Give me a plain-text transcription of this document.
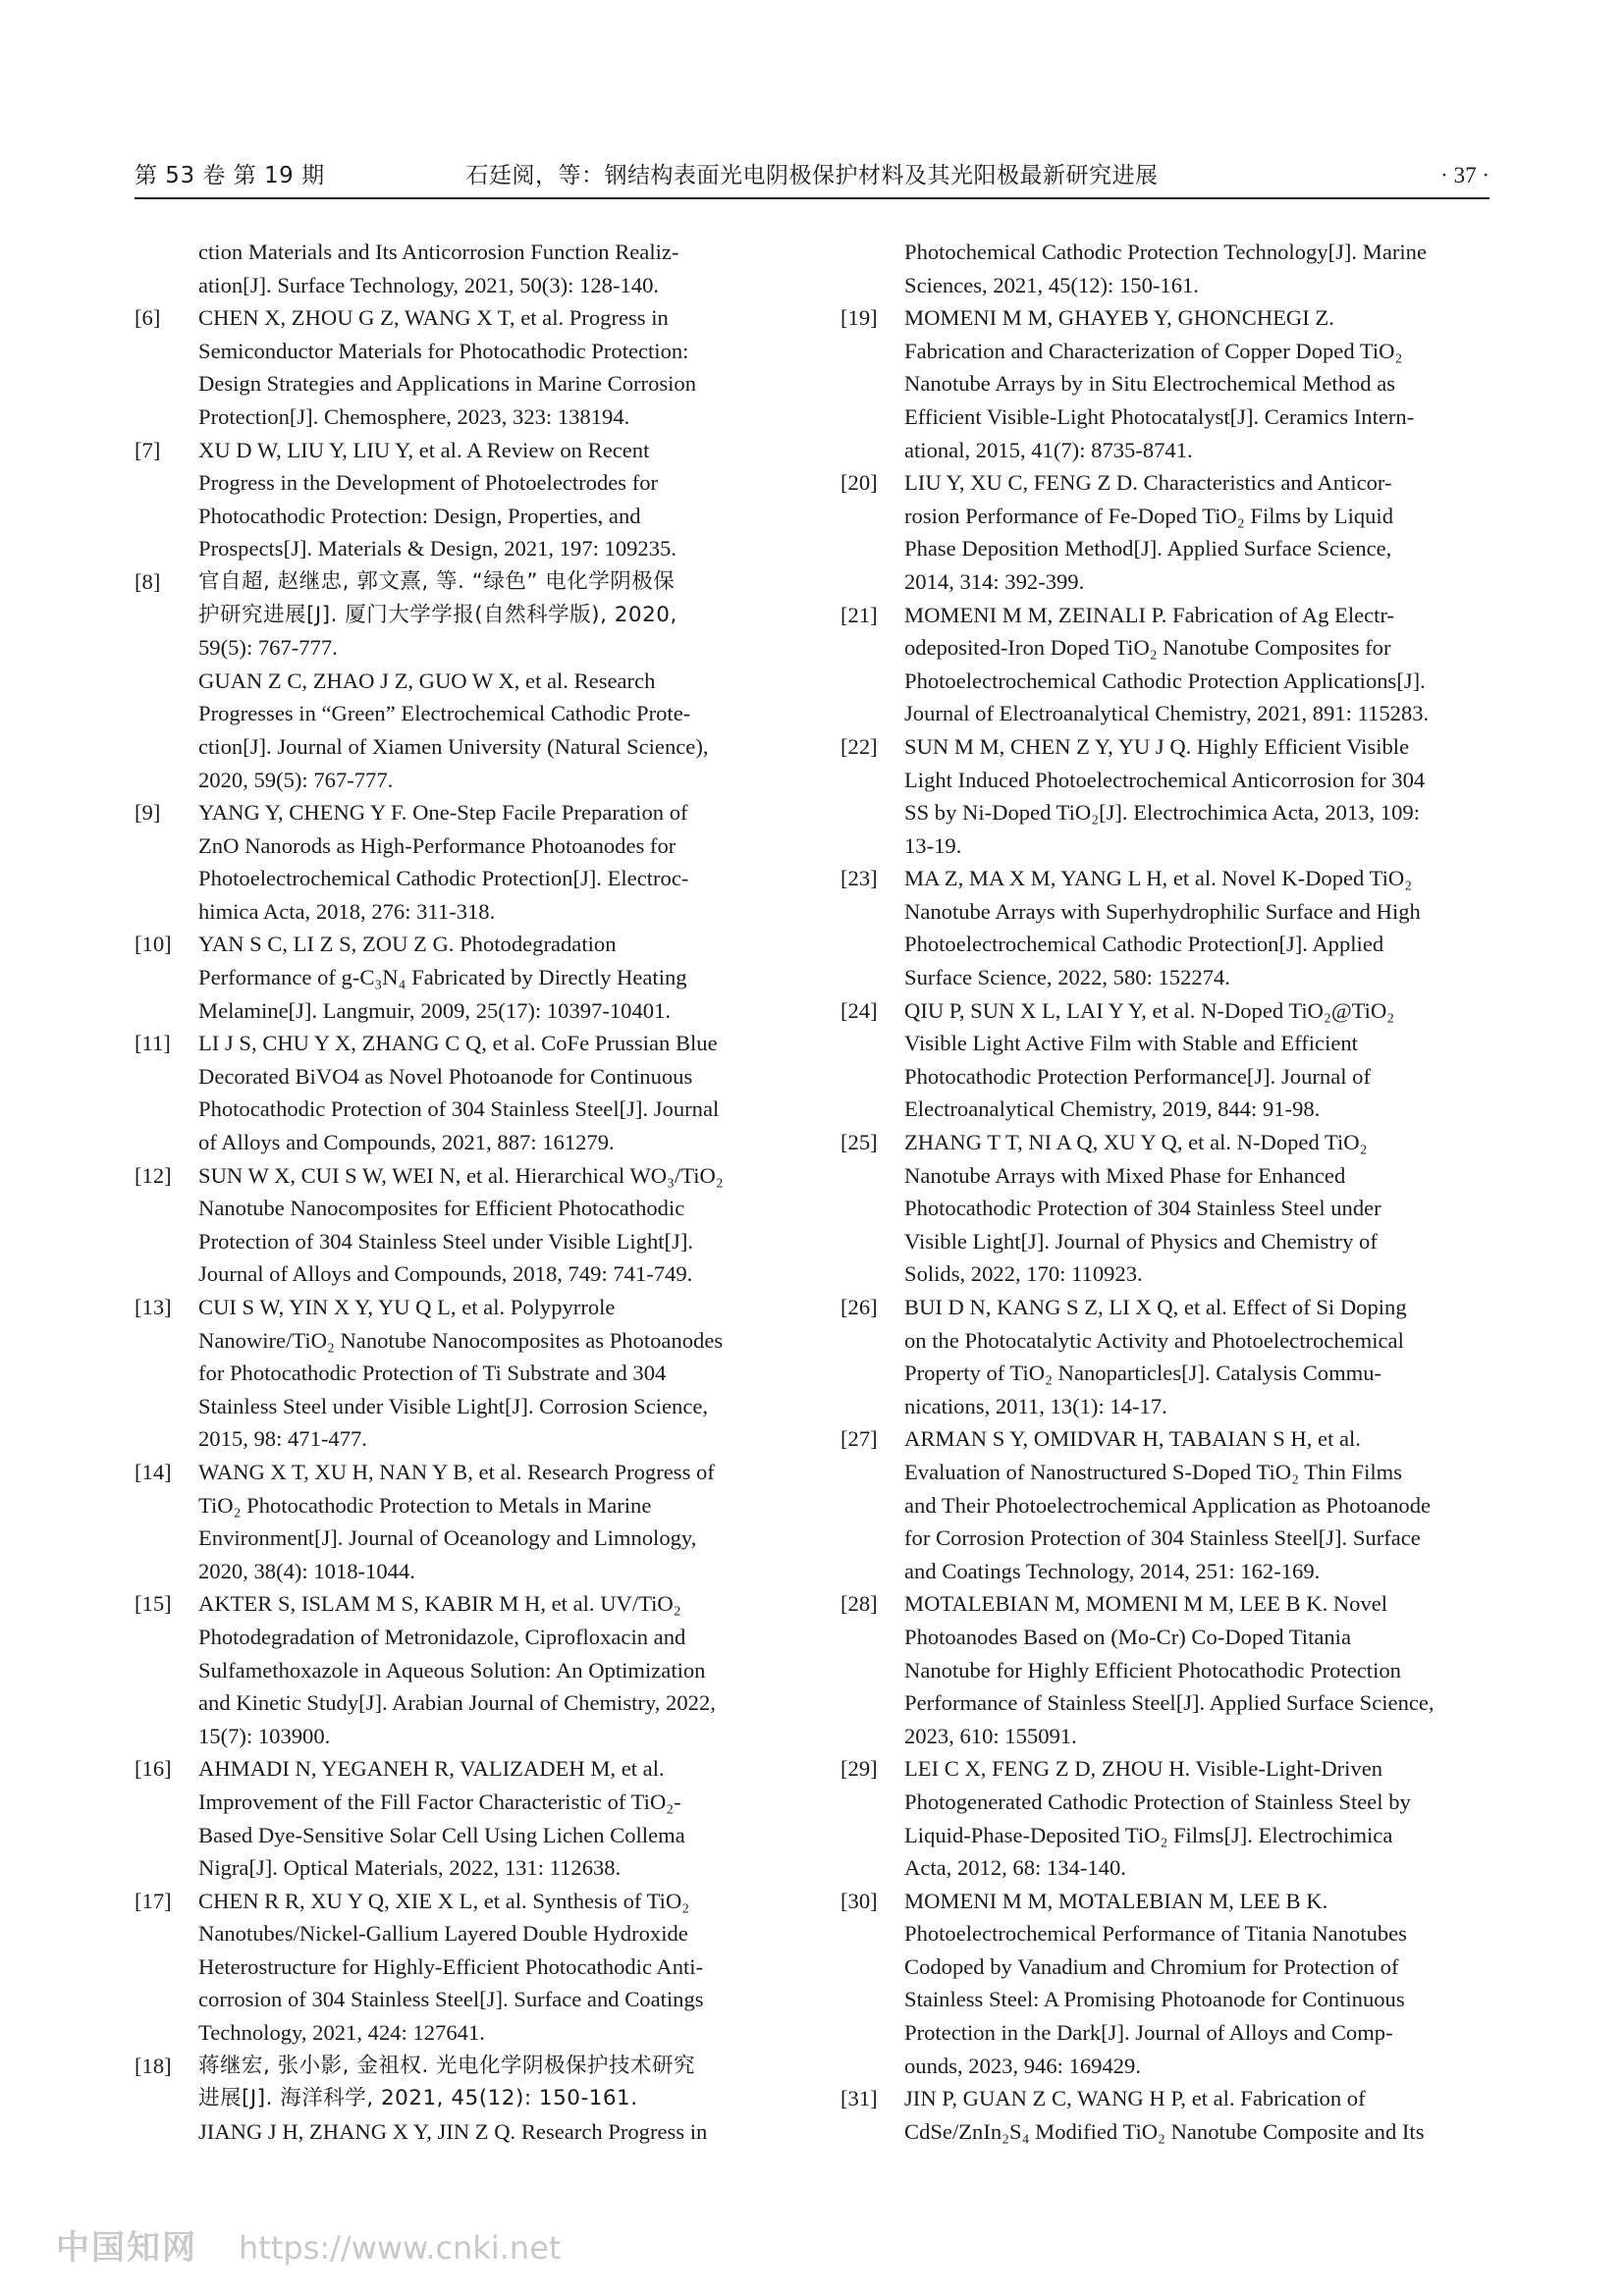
第 53 卷 第 19 期	石廷阅，等：钢结构表面光电阴极保护材料及其光阳极最新研究进展	· 37 ·
ction Materials and Its Anticorrosion Function Realiz-
ation[J]. Surface Technology, 2021, 50(3): 128-140.
[6] CHEN X, ZHOU G Z, WANG X T, et al. Progress in
Semiconductor Materials for Photocathodic Protection:
Design Strategies and Applications in Marine Corrosion
Protection[J]. Chemosphere, 2023, 323: 138194.
[7] XU D W, LIU Y, LIU Y, et al. A Review on Recent
Progress in the Development of Photoelectrodes for
Photocathodic Protection: Design, Properties, and
Prospects[J]. Materials & Design, 2021, 197: 109235.
[8] 官自超, 赵继忠, 郭文熹, 等. “绿色” 电化学阴极保
护研究进展[J]. 厦门大学学报(自然科学版), 2020,
59(5): 767-777.
GUAN Z C, ZHAO J Z, GUO W X, et al. Research
Progresses in “Green” Electrochemical Cathodic Prote-
ction[J]. Journal of Xiamen University (Natural Science),
2020, 59(5): 767-777.
[9] YANG Y, CHENG Y F. One-Step Facile Preparation of
ZnO Nanorods as High-Performance Photoanodes for
Photoelectrochemical Cathodic Protection[J]. Electroc-
himica Acta, 2018, 276: 311-318.
[10] YAN S C, LI Z S, ZOU Z G. Photodegradation
Performance of g-C₃N₄ Fabricated by Directly Heating
Melamine[J]. Langmuir, 2009, 25(17): 10397-10401.
[11] LI J S, CHU Y X, ZHANG C Q, et al. CoFe Prussian Blue
Decorated BiVO4 as Novel Photoanode for Continuous
Photocathodic Protection of 304 Stainless Steel[J]. Journal
of Alloys and Compounds, 2021, 887: 161279.
[12] SUN W X, CUI S W, WEI N, et al. Hierarchical WO₃/TiO₂
Nanotube Nanocomposites for Efficient Photocathodic
Protection of 304 Stainless Steel under Visible Light[J].
Journal of Alloys and Compounds, 2018, 749: 741-749.
[13] CUI S W, YIN X Y, YU Q L, et al. Polypyrrole
Nanowire/TiO₂ Nanotube Nanocomposites as Photoanodes
for Photocathodic Protection of Ti Substrate and 304
Stainless Steel under Visible Light[J]. Corrosion Science,
2015, 98: 471-477.
[14] WANG X T, XU H, NAN Y B, et al. Research Progress of
TiO₂ Photocathodic Protection to Metals in Marine
Environment[J]. Journal of Oceanology and Limnology,
2020, 38(4): 1018-1044.
[15] AKTER S, ISLAM M S, KABIR M H, et al. UV/TiO₂
Photodegradation of Metronidazole, Ciprofloxacin and
Sulfamethoxazole in Aqueous Solution: An Optimization
and Kinetic Study[J]. Arabian Journal of Chemistry, 2022,
15(7): 103900.
[16] AHMADI N, YEGANEH R, VALIZADEH M, et al.
Improvement of the Fill Factor Characteristic of TiO₂-
Based Dye-Sensitive Solar Cell Using Lichen Collema
Nigra[J]. Optical Materials, 2022, 131: 112638.
[17] CHEN R R, XU Y Q, XIE X L, et al. Synthesis of TiO₂
Nanotubes/Nickel-Gallium Layered Double Hydroxide
Heterostructure for Highly-Efficient Photocathodic Anti-
corrosion of 304 Stainless Steel[J]. Surface and Coatings
Technology, 2021, 424: 127641.
[18] 蒋继宏, 张小影, 金祖权. 光电化学阴极保护技术研究
进展[J]. 海洋科学, 2021, 45(12): 150-161.
JIANG J H, ZHANG X Y, JIN Z Q. Research Progress in
Photochemical Cathodic Protection Technology[J]. Marine
Sciences, 2021, 45(12): 150-161.
[19] MOMENI M M, GHAYEB Y, GHONCHEGI Z.
Fabrication and Characterization of Copper Doped TiO₂
Nanotube Arrays by in Situ Electrochemical Method as
Efficient Visible-Light Photocatalyst[J]. Ceramics Intern-
ational, 2015, 41(7): 8735-8741.
[20] LIU Y, XU C, FENG Z D. Characteristics and Anticor-
rosion Performance of Fe-Doped TiO₂ Films by Liquid
Phase Deposition Method[J]. Applied Surface Science,
2014, 314: 392-399.
[21] MOMENI M M, ZEINALI P. Fabrication of Ag Electr-
odeposited-Iron Doped TiO₂ Nanotube Composites for
Photoelectrochemical Cathodic Protection Applications[J].
Journal of Electroanalytical Chemistry, 2021, 891: 115283.
[22] SUN M M, CHEN Z Y, YU J Q. Highly Efficient Visible
Light Induced Photoelectrochemical Anticorrosion for 304
SS by Ni-Doped TiO₂[J]. Electrochimica Acta, 2013, 109:
13-19.
[23] MA Z, MA X M, YANG L H, et al. Novel K-Doped TiO₂
Nanotube Arrays with Superhydrophilic Surface and High
Photoelectrochemical Cathodic Protection[J]. Applied
Surface Science, 2022, 580: 152274.
[24] QIU P, SUN X L, LAI Y Y, et al. N-Doped TiO₂@TiO₂
Visible Light Active Film with Stable and Efficient
Photocathodic Protection Performance[J]. Journal of
Electroanalytical Chemistry, 2019, 844: 91-98.
[25] ZHANG T T, NI A Q, XU Y Q, et al. N-Doped TiO₂
Nanotube Arrays with Mixed Phase for Enhanced
Photocathodic Protection of 304 Stainless Steel under
Visible Light[J]. Journal of Physics and Chemistry of
Solids, 2022, 170: 110923.
[26] BUI D N, KANG S Z, LI X Q, et al. Effect of Si Doping
on the Photocatalytic Activity and Photoelectrochemical
Property of TiO₂ Nanoparticles[J]. Catalysis Commu-
nications, 2011, 13(1): 14-17.
[27] ARMAN S Y, OMIDVAR H, TABAIAN S H, et al.
Evaluation of Nanostructured S-Doped TiO₂ Thin Films
and Their Photoelectrochemical Application as Photoanode
for Corrosion Protection of 304 Stainless Steel[J]. Surface
and Coatings Technology, 2014, 251: 162-169.
[28] MOTALEBIAN M, MOMENI M M, LEE B K. Novel
Photoanodes Based on (Mo-Cr) Co-Doped Titania
Nanotube for Highly Efficient Photocathodic Protection
Performance of Stainless Steel[J]. Applied Surface Science,
2023, 610: 155091.
[29] LEI C X, FENG Z D, ZHOU H. Visible-Light-Driven
Photogenerated Cathodic Protection of Stainless Steel by
Liquid-Phase-Deposited TiO₂ Films[J]. Electrochimica
Acta, 2012, 68: 134-140.
[30] MOMENI M M, MOTALEBIAN M, LEE B K.
Photoelectrochemical Performance of Titania Nanotubes
Codoped by Vanadium and Chromium for Protection of
Stainless Steel: A Promising Photoanode for Continuous
Protection in the Dark[J]. Journal of Alloys and Comp-
ounds, 2023, 946: 169429.
[31] JIN P, GUAN Z C, WANG H P, et al. Fabrication of
CdSe/ZnIn₂S₄ Modified TiO₂ Nanotube Composite and Its
中国知网 https://www.cnki.net
